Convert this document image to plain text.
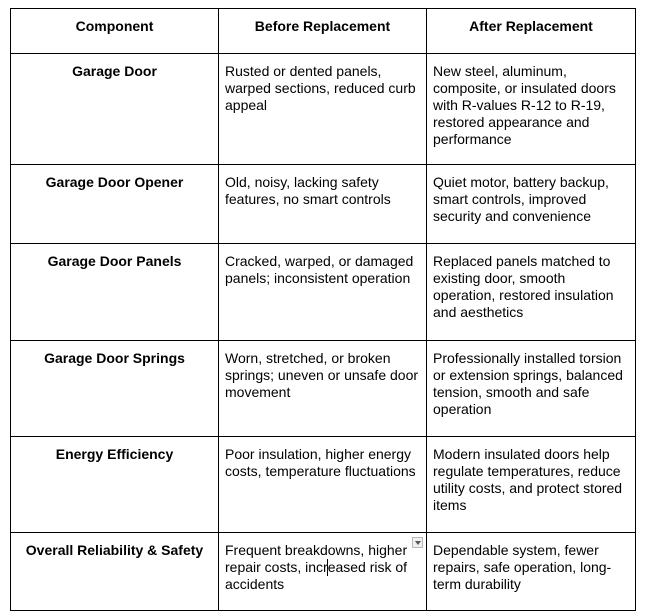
Component	Before Replacement	After Replacement
Garage Door	Rusted or dented panels, warped sections, reduced curb appeal	New steel, aluminum, composite, or insulated doors with R-values R-12 to R-19, restored appearance and performance
Garage Door Opener	Old, noisy, lacking safety features, no smart controls	Quiet motor, battery backup, smart controls, improved security and convenience
Garage Door Panels	Cracked, warped, or damaged panels; inconsistent operation	Replaced panels matched to existing door, smooth operation, restored insulation and aesthetics
Garage Door Springs	Worn, stretched, or broken springs; uneven or unsafe door movement	Professionally installed torsion or extension springs, balanced tension, smooth and safe operation
Energy Efficiency	Poor insulation, higher energy costs, temperature fluctuations	Modern insulated doors help regulate temperatures, reduce utility costs, and protect stored items
Overall Reliability & Safety	Frequent breakdowns, higher repair costs, increased risk of accidents	Dependable system, fewer repairs, safe operation, long-term durability
